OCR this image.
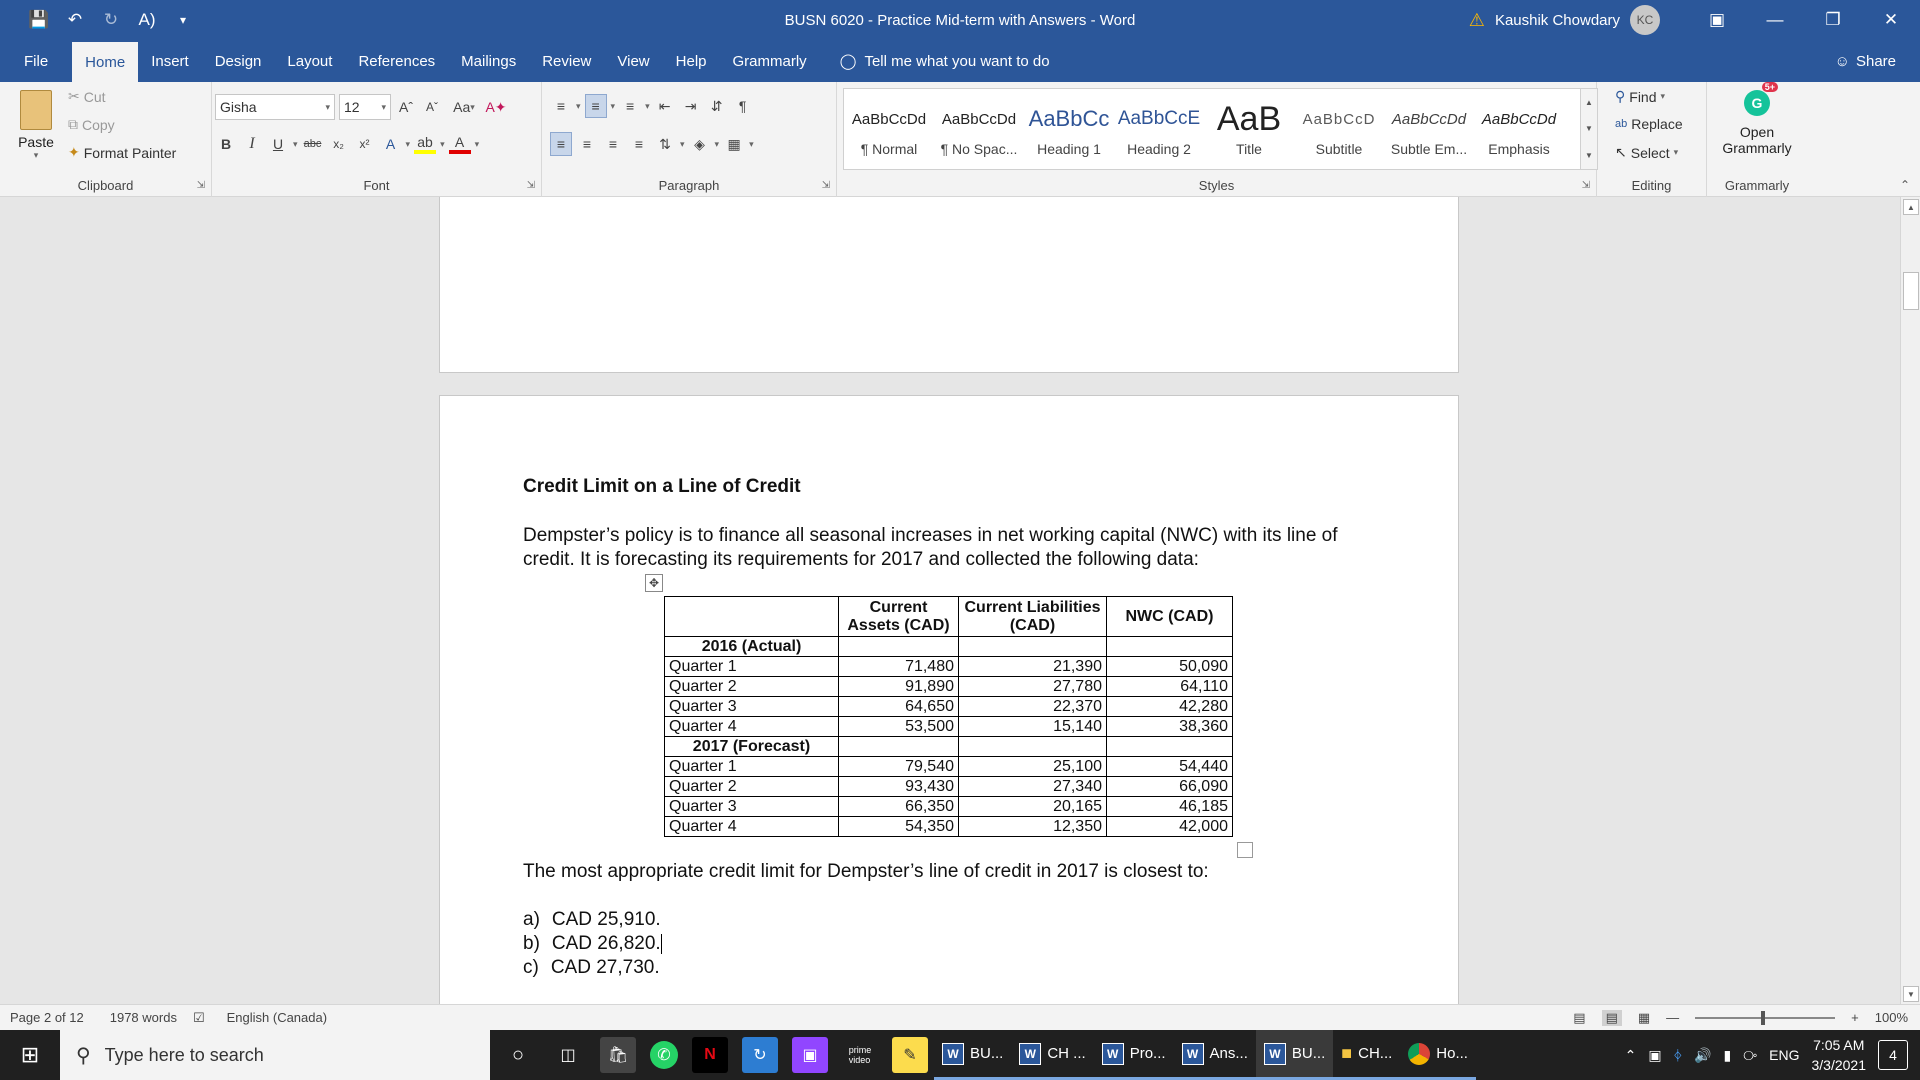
💾	↶	↻	A)	▾	BUSN 6020 - Practice Mid-term with Answers - Word	⚠ Kaushik Chowdary	KC	▣	—	❐	✕
File	Home	Insert	Design	Layout	References	Mailings	Review	View	Help	Grammarly	◯ Tell me what you want to do	☺ Share
Paste
▾
✂ Cut
⧉ Copy
✦ Format Painter
Clipboard	⇲
Gisha	▾ 12 ▾ Aˆ	Aˇ	Aa ▾ A✦
B	I	U	▾ abc x₂	x²	A	▾ ab ▾ A	▾
Font	⇲
≡	▾ ≡	▾ ≡	▾ ⇤	⇥	⇵	¶
≡	≡	≡	≡	⇅	▾ ◈	▾ ▦ ▾
Paragraph	⇲	Styles	⇲
AaBbCcDd
¶ Normal
AaBbCcDd
¶ No Spac...
AaBbCc
Heading 1
AaBbCcE
Heading 2
AaB
Title
AaBbCcD
Subtitle
AaBbCcDd
Subtle Em...
AaBbCcDd
Emphasis
▲
▼
▼
⚲ Find ▾
ab Replace
↖ Select ▾
Editing
G
5+
Open
Grammarly
Grammarly	⌃
Credit Limit on a Line of Credit
Dempster’s policy is to finance all seasonal increases in net working capital (NWC) with its line of credit. It is forecasting its requirements for 2017 and collected the following data:
✥
	Current Assets (CAD)	Current Liabilities (CAD)	NWC (CAD)
2016 (Actual)			
Quarter 1	71,480	21,390	50,090
Quarter 2	91,890	27,780	64,110
Quarter 3	64,650	22,370	42,280
Quarter 4	53,500	15,140	38,360
2017 (Forecast)			
Quarter 1	79,540	25,100	54,440
Quarter 2	93,430	27,340	66,090
Quarter 3	66,350	20,165	46,185
Quarter 4	54,350	12,350	42,000
The most appropriate credit limit for Dempster’s line of credit in 2017 is closest to:
a) CAD 25,910.
b) CAD 26,820.
c) CAD 27,730.
▲
▼
Page 2 of 12 1978 words ☑ English (Canada)	▤	▤	▦ —	+ 100%
⊞	⚲ Type here to search	○	◫	🛍	✆	N	↻	▣	prime
video	✎	W BU...	W CH ...	W Pro...	W Ans...	W BU... ■ CH...	Ho...	⌃ ▣ ᛄ 🔊 ▮ ⧂ ENG
7:05 AM
3/3/2021
4
